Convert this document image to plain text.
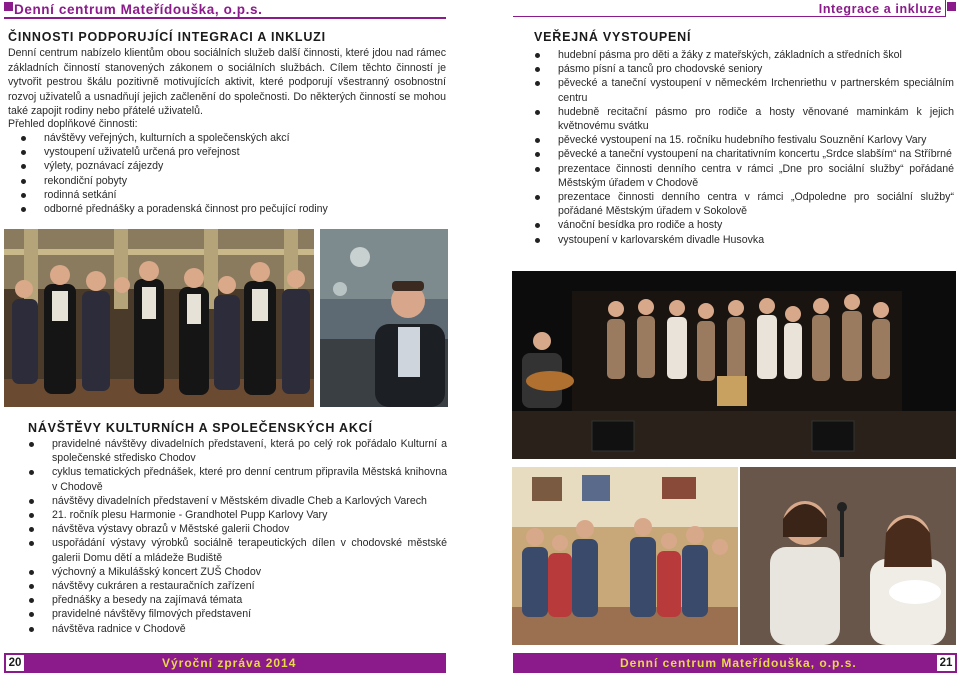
Denní centrum Mateřídouška, o.p.s.	Integrace a inkluze
ČINNOSTI PODPORUJÍCÍ INTEGRACI A INKLUZI
Denní centrum nabízelo klientům obou sociálních služeb další činnosti, které jdou nad rámec základních činností stanovených zákonem o sociálních službách. Cílem těchto činností je vytvořit pestrou škálu pozitivně motivujících aktivit, které podporují všestranný osobnostní rozvoj uživatelů a usnadňují jejich začlenění do společnosti. Do některých činností se mohou také zapojit rodiny nebo přátelé uživatelů.
Přehled doplňkové činnosti:
návštěvy veřejných, kulturních a společenských akcí
vystoupení uživatelů určená pro veřejnost
výlety, poznávací zájezdy
rekondiční pobyty
rodinná setkání
odborné přednášky a poradenská činnost pro pečující rodiny
VEŘEJNÁ VYSTOUPENÍ
hudební pásma pro děti a žáky z mateřských, základních a středních škol
pásmo písní a tanců pro chodovské seniory
pěvecké a taneční vystoupení v německém Irchenriethu v partnerském speciálním centru
hudebně recitační pásmo pro rodiče a hosty věnované maminkám k jejich květnovému svátku
pěvecké vystoupení na 15. ročníku hudebního festivalu Souznění Karlovy Vary
pěvecké a taneční vystoupení na charitativním koncertu „Srdce slabším“ na Stříbrné
prezentace činnosti denního centra v rámci „Dne pro sociální služby“ pořádané Městským úřadem v Chodově
prezentace činnosti denního centra v rámci „Odpoledne pro sociální služby“ pořádané Městským úřadem v Sokolově
vánoční besídka pro rodiče a hosty
vystoupení v karlovarském divadle Husovka
NÁVŠTĚVY KULTURNÍCH A SPOLEČENSKÝCH AKCÍ
pravidelné návštěvy divadelních představení, která po celý rok pořádalo Kulturní a společenské středisko Chodov
cyklus tematických přednášek, které pro denní centrum připravila Městská knihovna v Chodově
návštěvy divadelních představení v Městském divadle Cheb a Karlových Varech
21. ročník plesu Harmonie - Grandhotel Pupp Karlovy Vary
návštěva výstavy obrazů v Městské galerii Chodov
uspořádání výstavy výrobků sociálně terapeutických dílen v chodovské městské galerii Domu dětí a mládeže Budiště
výchovný a Mikulášský koncert ZUŠ Chodov
návštěvy cukráren a restauračních zařízení
přednášky a besedy na zajímavá témata
pravidelné návštěvy filmových představení
návštěva radnice v Chodově
20	Výroční zpráva 2014	Denní centrum Mateřídouška, o.p.s.	21
